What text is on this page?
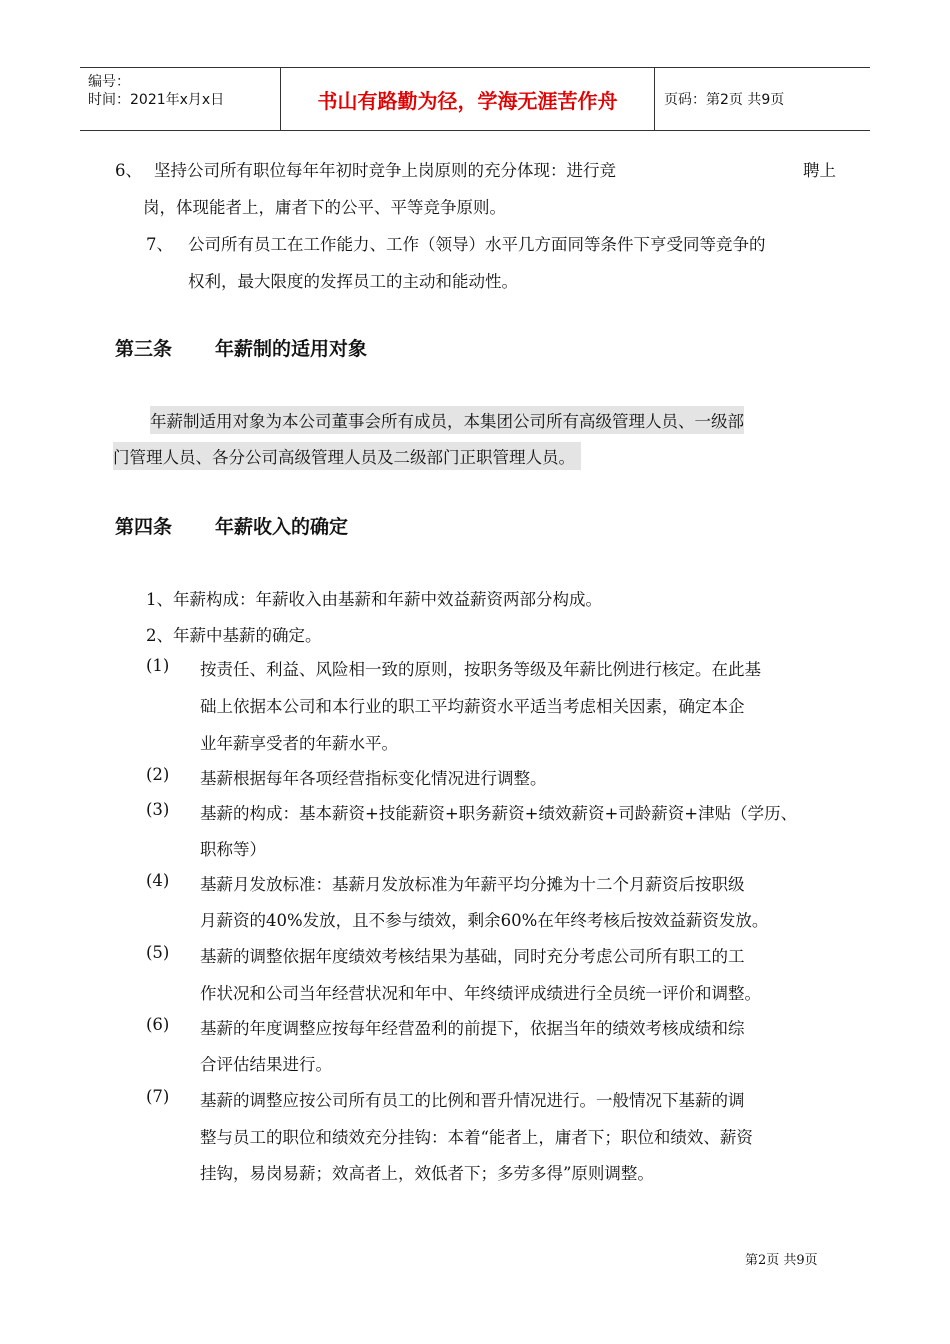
编号：
时间：2021年x月x日	书山有路勤为径，学海无涯苦作舟	页码：第2页 共9页
6、 坚持公司所有职位每年年初时竞争上岗原则的充分体现：进行竞	聘上
岗，体现能者上，庸者下的公平、平等竞争原则。
7、 公司所有员工在工作能力、工作（领导）水平几方面同等条件下亨受同等竞争的
权利，最大限度的发挥员工的主动和能动性。
第三条 年薪制的适用对象
年薪制适用对象为本公司董事会所有成员，本集团公司所有高级管理人员、一级部
门管理人员、各分公司高级管理人员及二级部门正职管理人员。
第四条 年薪收入的确定
1、年薪构成：年薪收入由基薪和年薪中效益薪资两部分构成。
2、年薪中基薪的确定。
(1) 按责任、利益、风险相一致的原则，按职务等级及年薪比例进行核定。在此基
础上依据本公司和本行业的职工平均薪资水平适当考虑相关因素，确定本企
业年薪享受者的年薪水平。
(2) 基薪根据每年各项经营指标变化情况进行调整。
(3) 基薪的构成：基本薪资+技能薪资+职务薪资+绩效薪资+司龄薪资+津贴（学历、
职称等）
(4) 基薪月发放标准：基薪月发放标准为年薪平均分摊为十二个月薪资后按职级
月薪资的40%发放，且不参与绩效，剩余60%在年终考核后按效益薪资发放。
(5) 基薪的调整依据年度绩效考核结果为基础，同时充分考虑公司所有职工的工
作状况和公司当年经营状况和年中、年终绩评成绩进行全员统一评价和调整。
(6) 基薪的年度调整应按每年经营盈利的前提下，依据当年的绩效考核成绩和综
合评估结果进行。
(7) 基薪的调整应按公司所有员工的比例和晋升情况进行。一般情况下基薪的调
整与员工的职位和绩效充分挂钩：本着“能者上，庸者下；职位和绩效、薪资
挂钩，易岗易薪；效高者上，效低者下；多劳多得”原则调整。
第2页 共9页
